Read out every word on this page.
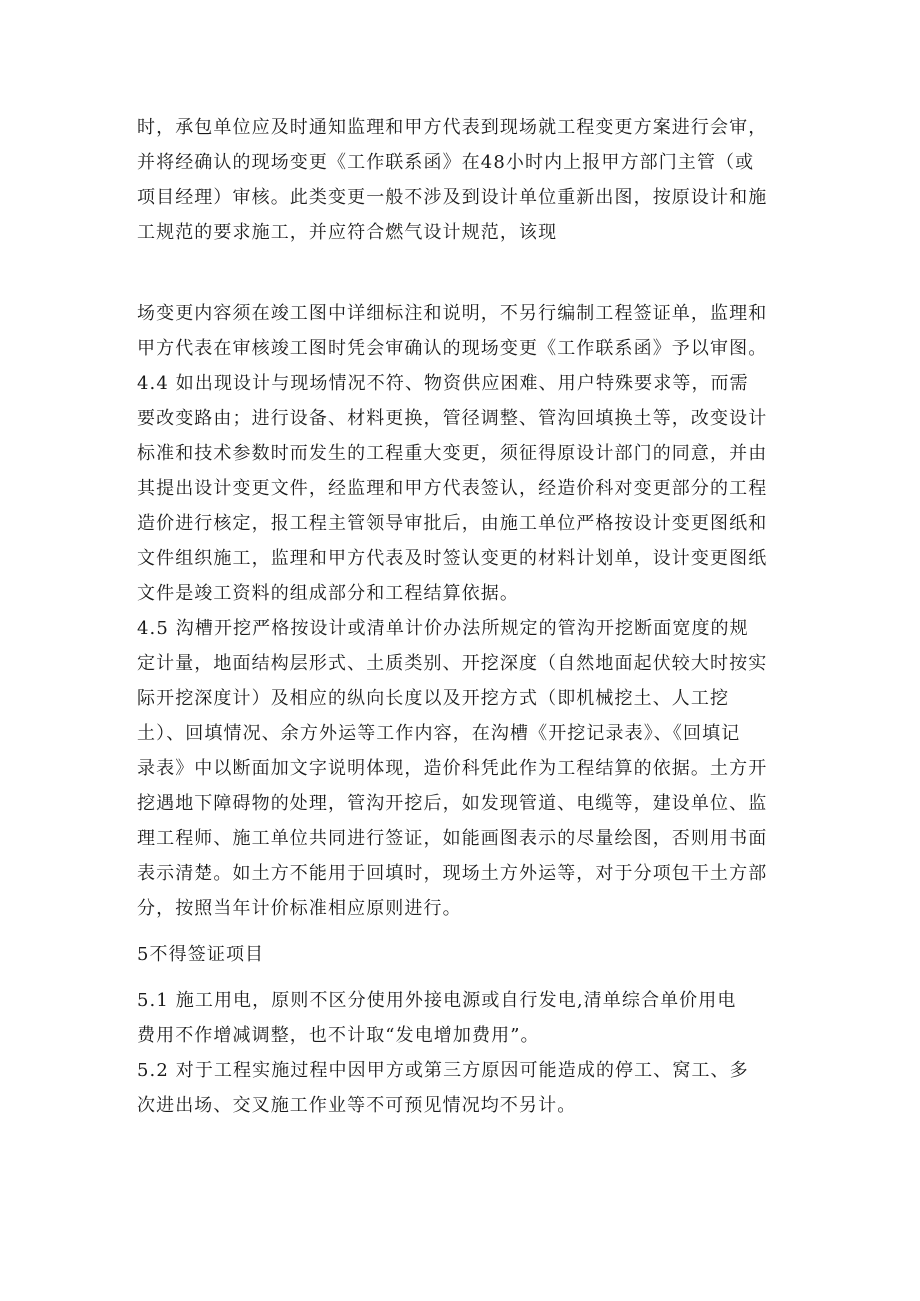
时，承包单位应及时通知监理和甲方代表到现场就工程变更方案进行会审，
并将经确认的现场变更《工作联系函》在48小时内上报甲方部门主管（或
项目经理）审核。此类变更一般不涉及到设计单位重新出图，按原设计和施
工规范的要求施工，并应符合燃气设计规范，该现
场变更内容须在竣工图中详细标注和说明，不另行编制工程签证单，监理和
甲方代表在审核竣工图时凭会审确认的现场变更《工作联系函》予以审图。
4.4 如出现设计与现场情况不符、物资供应困难、用户特殊要求等，而需
要改变路由；进行设备、材料更换，管径调整、管沟回填换土等，改变设计
标准和技术参数时而发生的工程重大变更，须征得原设计部门的同意，并由
其提出设计变更文件，经监理和甲方代表签认，经造价科对变更部分的工程
造价进行核定，报工程主管领导审批后，由施工单位严格按设计变更图纸和
文件组织施工，监理和甲方代表及时签认变更的材料计划单，设计变更图纸
文件是竣工资料的组成部分和工程结算依据。
4.5 沟槽开挖严格按设计或清单计价办法所规定的管沟开挖断面宽度的规
定计量，地面结构层形式、土质类别、开挖深度（自然地面起伏较大时按实
际开挖深度计）及相应的纵向长度以及开挖方式（即机械挖土、人工挖
土）、回填情况、余方外运等工作内容，在沟槽《开挖记录表》、《回填记
录表》中以断面加文字说明体现，造价科凭此作为工程结算的依据。土方开
挖遇地下障碍物的处理，管沟开挖后，如发现管道、电缆等，建设单位、监
理工程师、施工单位共同进行签证，如能画图表示的尽量绘图，否则用书面
表示清楚。如土方不能用于回填时，现场土方外运等，对于分项包干土方部
分，按照当年计价标准相应原则进行。
5不得签证项目
5.1 施工用电，原则不区分使用外接电源或自行发电,清单综合单价用电
费用不作增减调整，也不计取“发电增加费用”。
5.2 对于工程实施过程中因甲方或第三方原因可能造成的停工、窝工、多
次进出场、交叉施工作业等不可预见情况均不另计。
